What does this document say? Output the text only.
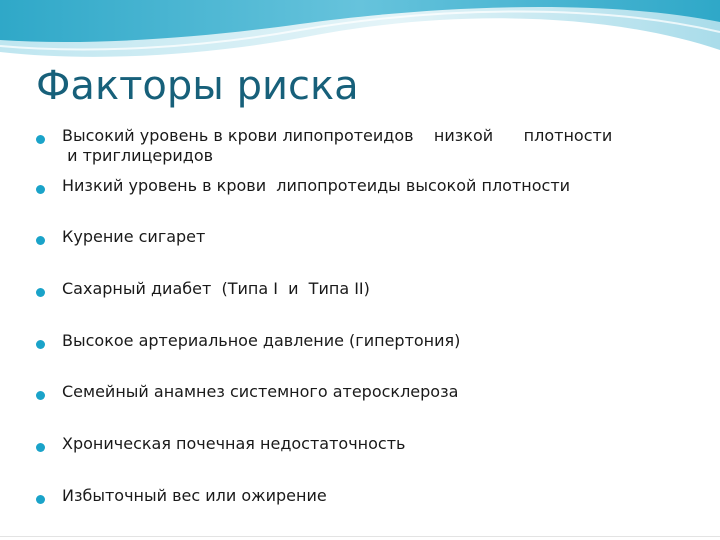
Факторы риска
Высокий уровень в крови липопротеидов    низкой      плотности
и триглицеридов
Низкий уровень в крови  липопротеиды высокой плотности
Курение сигарет
Сахарный диабет  (Типа I  и  Типа II)
Высокое артериальное давление (гипертония)
Семейный анамнез системного атеросклероза
Хроническая почечная недостаточность
Избыточный вес или ожирение
